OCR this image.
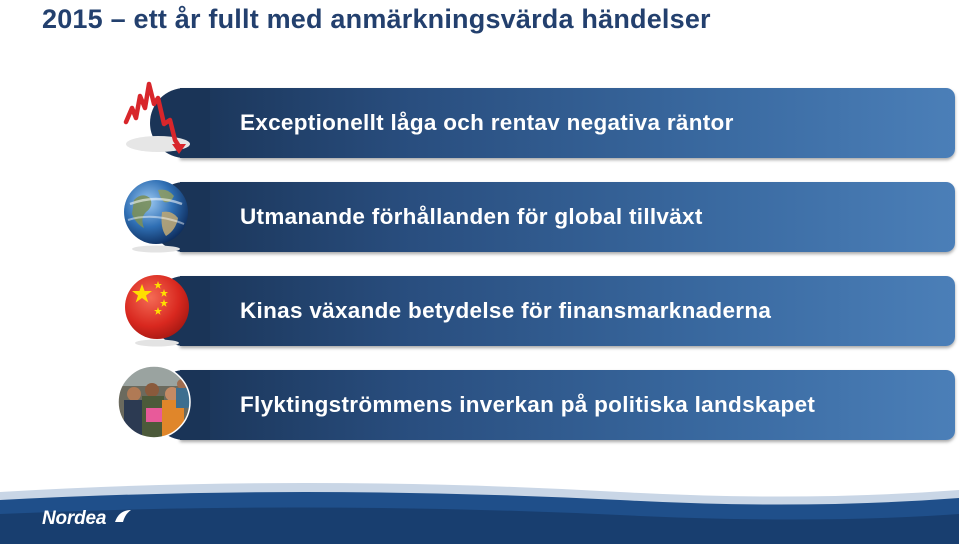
2015 – ett år fullt med anmärkningsvärda händelser
Exceptionellt låga och rentav negativa räntor
Utmanande förhållanden för global tillväxt
Kinas växande betydelse för finansmarknaderna
Flyktingströmmens inverkan på politiska landskapet
Nordea
